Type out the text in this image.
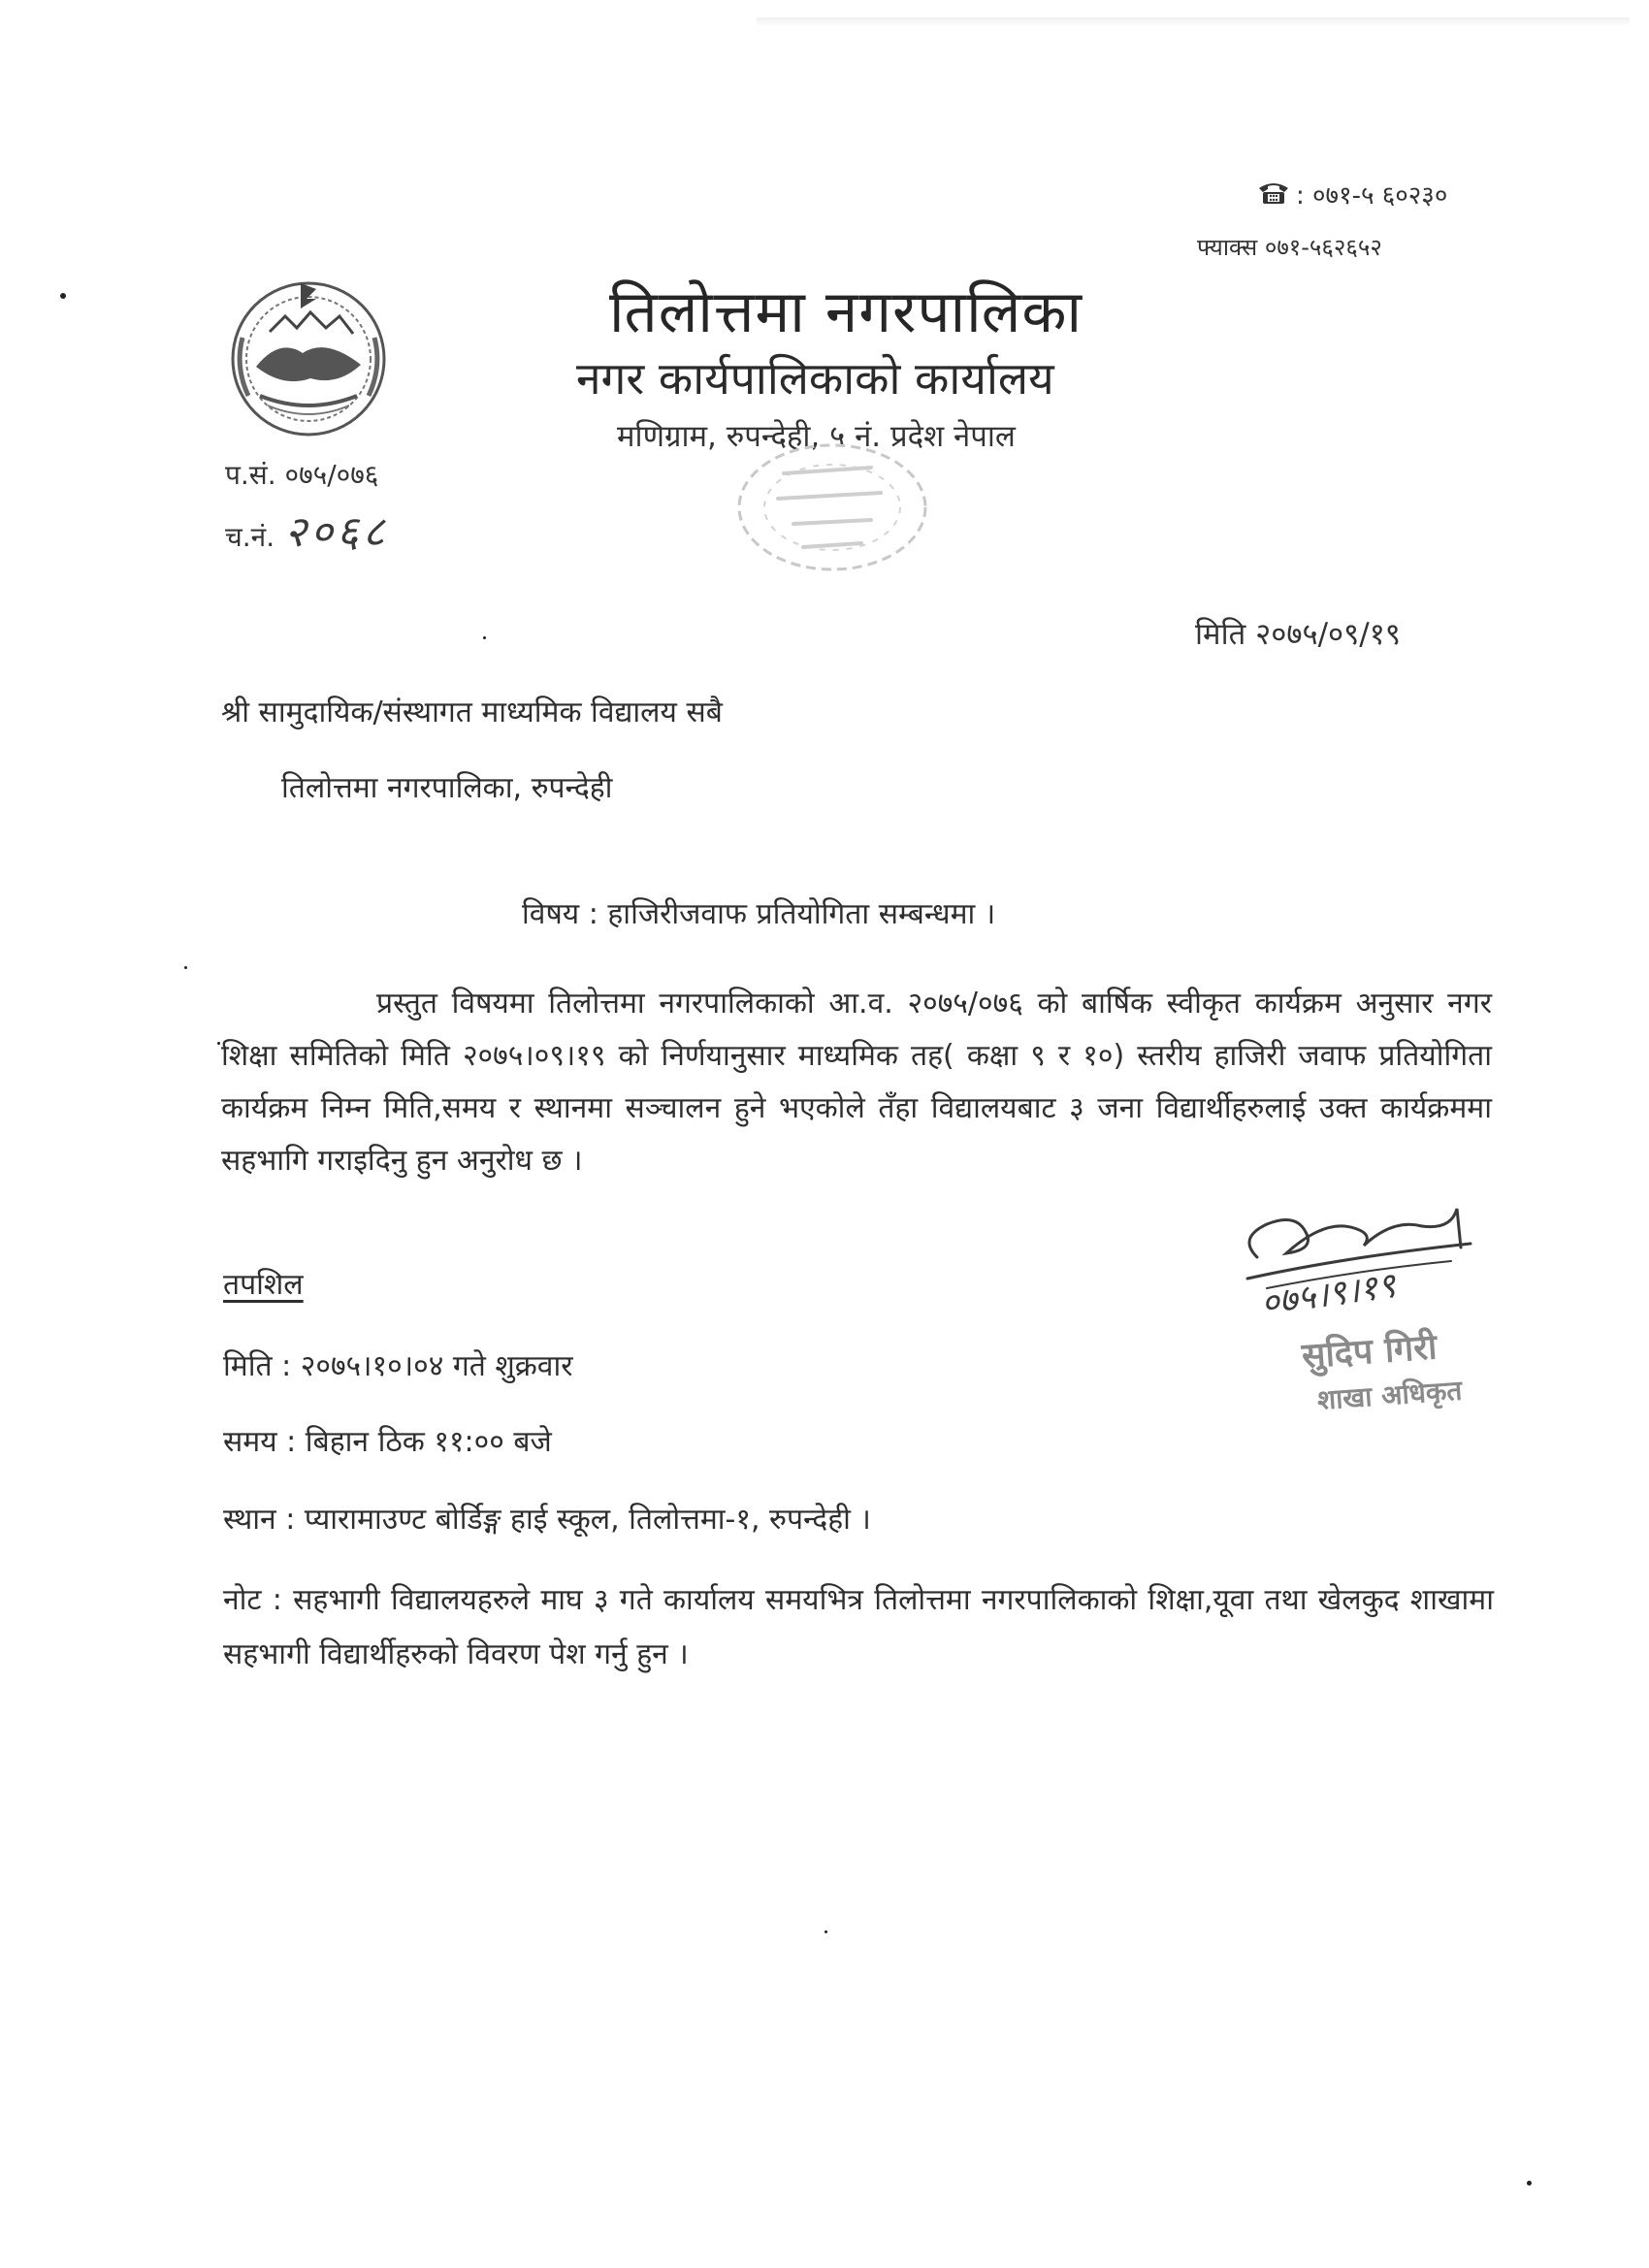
: ०७१-५ ६०२३०
फ्याक्स ०७१-५६२६५२
तिलोत्तमा नगरपालिका
नगर कार्यपालिकाको कार्यालय
मणिग्राम, रुपन्देही, ५ नं. प्रदेश नेपाल
प.सं. ०७५/०७६
च.नं. २०६८
मिति २०७५/०९/१९
श्री सामुदायिक/संस्थागत माध्यमिक विद्यालय सबै
तिलोत्तमा नगरपालिका, रुपन्देही
विषय : हाजिरीजवाफ प्रतियोगिता सम्बन्धमा ।
प्रस्तुत विषयमा तिलोत्तमा नगरपालिकाको आ.व. २०७५/०७६ को बार्षिक स्वीकृत कार्यक्रम अनुसार नगर शिक्षा समितिको मिति २०७५।०९।१९ को निर्णयानुसार माध्यमिक तह( कक्षा ९ र १०) स्तरीय हाजिरी जवाफ प्रतियोगिता कार्यक्रम निम्न मिति,समय र स्थानमा सञ्चालन हुने भएकोले तँहा विद्यालयबाट ३ जना विद्यार्थीहरुलाई उक्त कार्यक्रममा सहभागि गराइदिनु हुन अनुरोध छ ।
तपशिल
मिति : २०७५।१०।०४ गते शुक्रवार
समय : बिहान ठिक ११:०० बजे
स्थान : प्यारामाउण्ट बोर्डिङ्ग हाई स्कूल, तिलोत्तमा-१, रुपन्देही ।
नोट : सहभागी विद्यालयहरुले माघ ३ गते कार्यालय समयभित्र तिलोत्तमा नगरपालिकाको शिक्षा,यूवा तथा खेलकुद शाखामा सहभागी विद्यार्थीहरुको विवरण पेश गर्नु हुन ।
०७५।९।१९
सुदिप गिरी
शाखा अधिकृत
